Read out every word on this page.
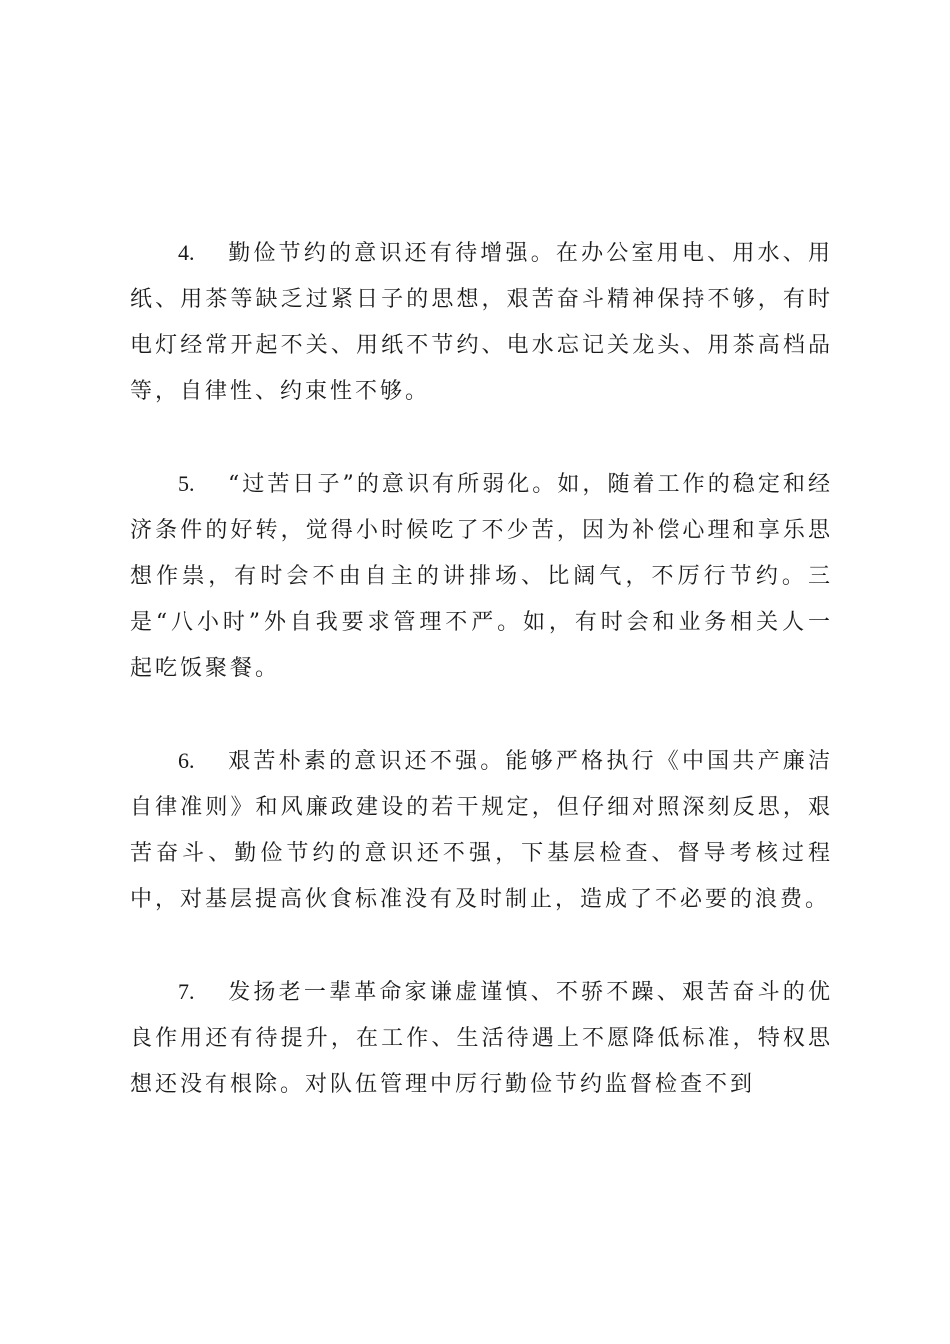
4. 勤俭节约的意识还有待增强。在办公室用电、用水、用纸、用茶等缺乏过紧日子的思想，艰苦奋斗精神保持不够，有时电灯经常开起不关、用纸不节约、电水忘记关龙头、用茶高档品等，自律性、约束性不够。

5. “过苦日子”的意识有所弱化。如，随着工作的稳定和经济条件的好转，觉得小时候吃了不少苦，因为补偿心理和享乐思想作祟，有时会不由自主的讲排场、比阔气，不厉行节约。三是“八小时”外自我要求管理不严。如，有时会和业务相关人一起吃饭聚餐。

6. 艰苦朴素的意识还不强。能够严格执行《中国共产廉洁自律准则》和风廉政建设的若干规定，但仔细对照深刻反思，艰苦奋斗、勤俭节约的意识还不强，下基层检查、督导考核过程中，对基层提高伙食标准没有及时制止，造成了不必要的浪费。

7. 发扬老一辈革命家谦虚谨慎、不骄不躁、艰苦奋斗的优良作用还有待提升，在工作、生活待遇上不愿降低标准，特权思想还没有根除。对队伍管理中厉行勤俭节约监督检查不到
